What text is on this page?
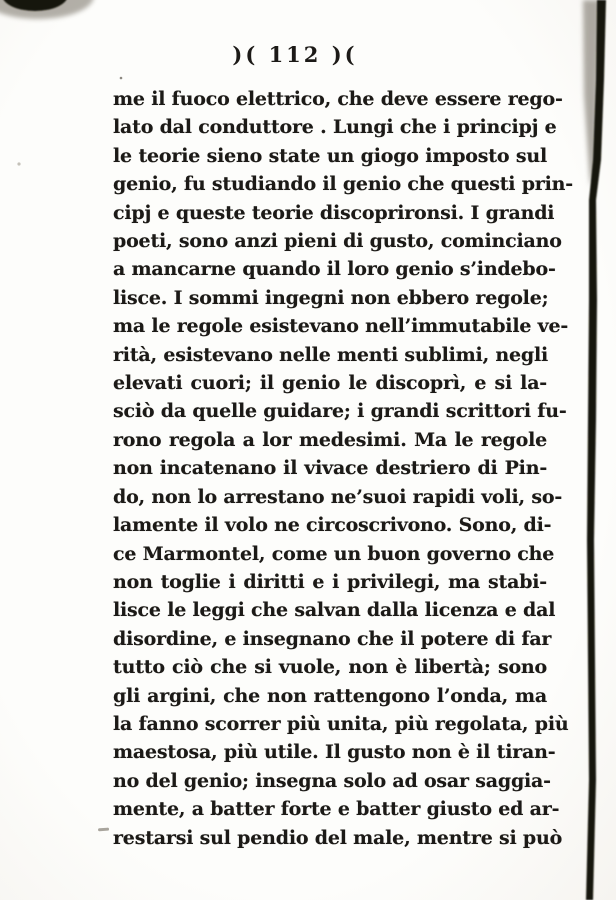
)( 112 )(
me il fuoco elettrico, che deve essere rego-
lato dal conduttore . Lungi che i principj e
le teorie sieno state un giogo imposto sul
genio, fu studiando il genio che questi prin-
cipj e queste teorie discoprironsi. I grandi
poeti, sono anzi pieni di gusto, cominciano
a mancarne quando il loro genio s’indebo-
lisce. I sommi ingegni non ebbero regole;
ma le regole esistevano nell’immutabile ve-
rità, esistevano nelle menti sublimi, negli
elevati cuori; il genio le discoprì, e si la-
sciò da quelle guidare; i grandi scrittori fu-
rono regola a lor medesimi. Ma le regole
non incatenano il vivace destriero di Pin-
do, non lo arrestano ne’suoi rapidi voli, so-
lamente il volo ne circoscrivono. Sono, di-
ce Marmontel, come un buon governo che
non toglie i diritti e i privilegi, ma stabi-
lisce le leggi che salvan dalla licenza e dal
disordine, e insegnano che il potere di far
tutto ciò che si vuole, non è libertà; sono
gli argini, che non rattengono l’onda, ma
la fanno scorrer più unita, più regolata, più
maestosa, più utile. Il gusto non è il tiran-
no del genio; insegna solo ad osar saggia-
mente, a batter forte e batter giusto ed ar-
restarsi sul pendio del male, mentre si può
